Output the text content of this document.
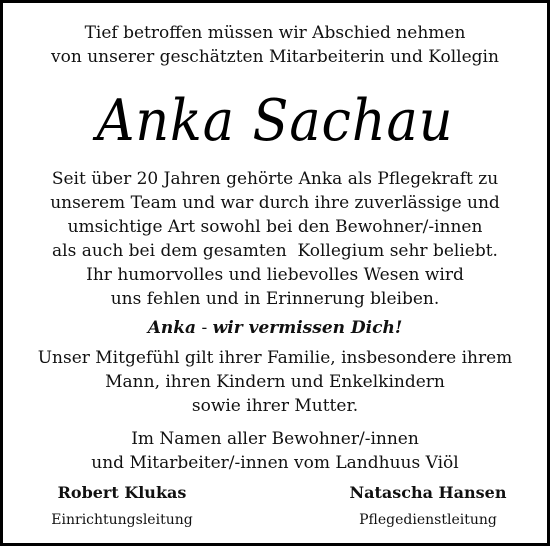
Tief betroffen müssen wir Abschied nehmen
von unserer geschätzten Mitarbeiterin und Kollegin
Anka Sachau
Seit über 20 Jahren gehörte Anka als Pflegekraft zu
unserem Team und war durch ihre zuverlässige und
umsichtige Art sowohl bei den Bewohner/-innen
als auch bei dem gesamten  Kollegium sehr beliebt.
Ihr humorvolles und liebevolles Wesen wird
uns fehlen und in Erinnerung bleiben.
Anka - wir vermissen Dich!
Unser Mitgefühl gilt ihrer Familie, insbesondere ihrem
Mann, ihren Kindern und Enkelkindern
sowie ihrer Mutter.
Im Namen aller Bewohner/-innen
und Mitarbeiter/-innen vom Landhuus Viöl
Robert Klukas
Einrichtungsleitung
Natascha Hansen
Pflegedienstleitung
